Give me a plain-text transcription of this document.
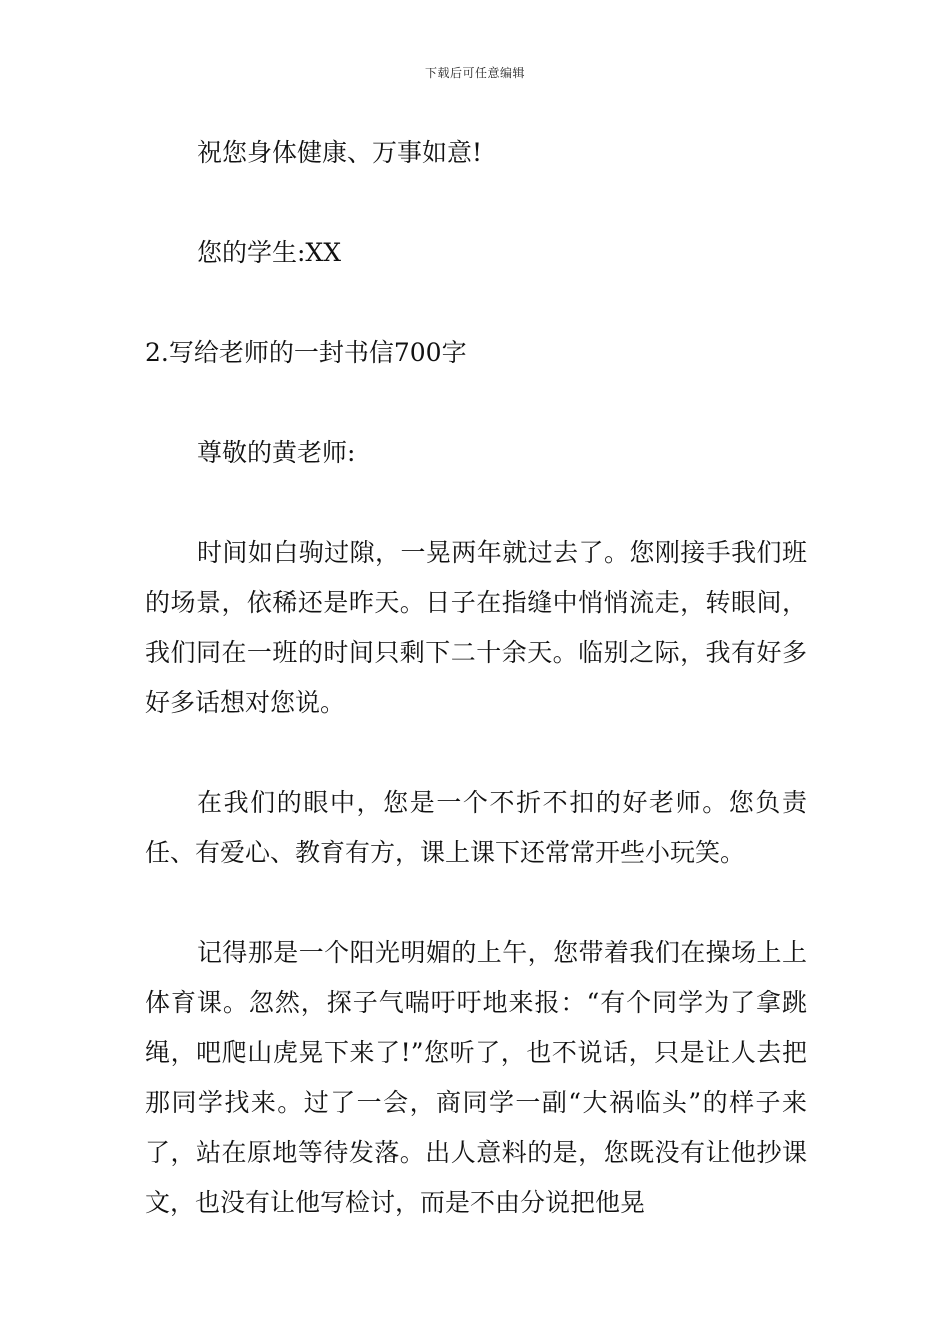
下载后可任意编辑

祝您身体健康、万事如意!

您的学生:XX

2.写给老师的一封书信700字

尊敬的黄老师:

时间如白驹过隙，一晃两年就过去了。您刚接手我们班的场景，依稀还是昨天。日子在指缝中悄悄流走，转眼间，我们同在一班的时间只剩下二十余天。临别之际，我有好多好多话想对您说。

在我们的眼中，您是一个不折不扣的好老师。您负责任、有爱心、教育有方，课上课下还常常开些小玩笑。

记得那是一个阳光明媚的上午，您带着我们在操场上上体育课。忽然，探子气喘吁吁地来报：“有个同学为了拿跳绳，吧爬山虎晃下来了!”您听了，也不说话，只是让人去把那同学找来。过了一会，商同学一副“大祸临头”的样子来了，站在原地等待发落。出人意料的是，您既没有让他抄课文，也没有让他写检讨，而是不由分说把他晃
